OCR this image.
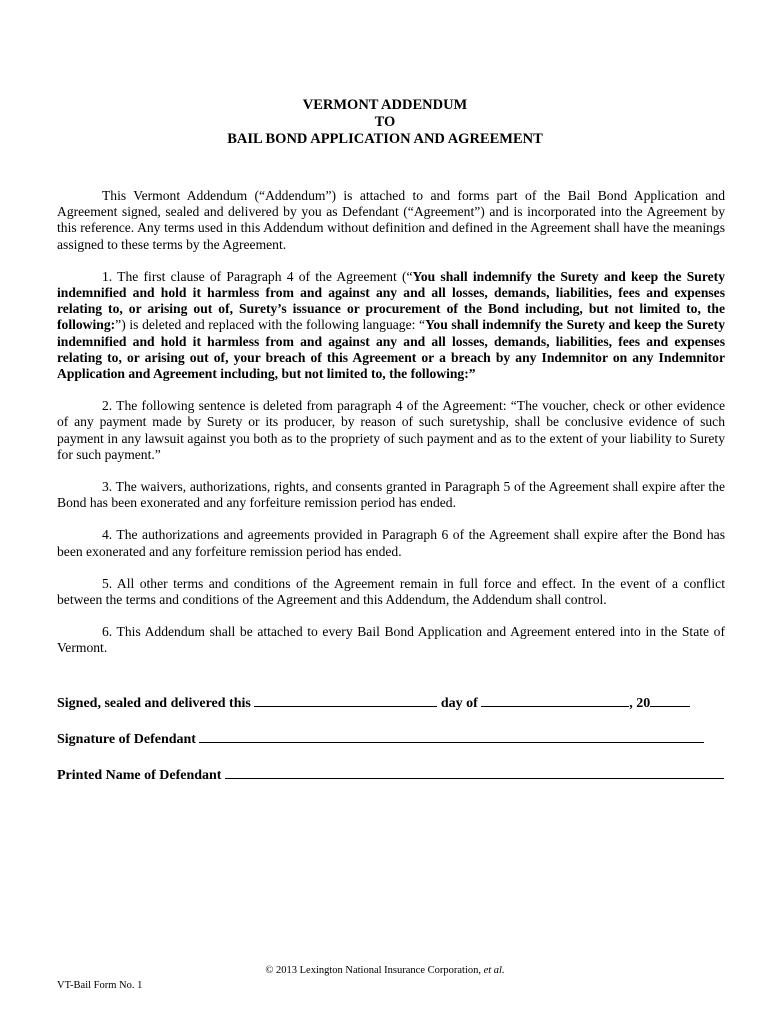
VERMONT ADDENDUM
TO
BAIL BOND APPLICATION AND AGREEMENT

This Vermont Addendum (“Addendum”) is attached to and forms part of the Bail Bond Application and Agreement signed, sealed and delivered by you as Defendant (“Agreement”) and is incorporated into the Agreement by this reference. Any terms used in this Addendum without definition and defined in the Agreement shall have the meanings assigned to these terms by the Agreement.

1. The first clause of Paragraph 4 of the Agreement (“You shall indemnify the Surety and keep the Surety indemnified and hold it harmless from and against any and all losses, demands, liabilities, fees and expenses relating to, or arising out of, Surety’s issuance or procurement of the Bond including, but not limited to, the following:”) is deleted and replaced with the following language: “You shall indemnify the Surety and keep the Surety indemnified and hold it harmless from and against any and all losses, demands, liabilities, fees and expenses relating to, or arising out of, your breach of this Agreement or a breach by any Indemnitor on any Indemnitor Application and Agreement including, but not limited to, the following:”

2. The following sentence is deleted from paragraph 4 of the Agreement: “The voucher, check or other evidence of any payment made by Surety or its producer, by reason of such suretyship, shall be conclusive evidence of such payment in any lawsuit against you both as to the propriety of such payment and as to the extent of your liability to Surety for such payment.”

3. The waivers, authorizations, rights, and consents granted in Paragraph 5 of the Agreement shall expire after the Bond has been exonerated and any forfeiture remission period has ended.

4. The authorizations and agreements provided in Paragraph 6 of the Agreement shall expire after the Bond has been exonerated and any forfeiture remission period has ended.

5. All other terms and conditions of the Agreement remain in full force and effect. In the event of a conflict between the terms and conditions of the Agreement and this Addendum, the Addendum shall control.

6. This Addendum shall be attached to every Bail Bond Application and Agreement entered into in the State of Vermont.

Signed, sealed and delivered this	day of	, 20
Signature of Defendant
Printed Name of Defendant
© 2013 Lexington National Insurance Corporation, et al.
VT-Bail Form No. 1
